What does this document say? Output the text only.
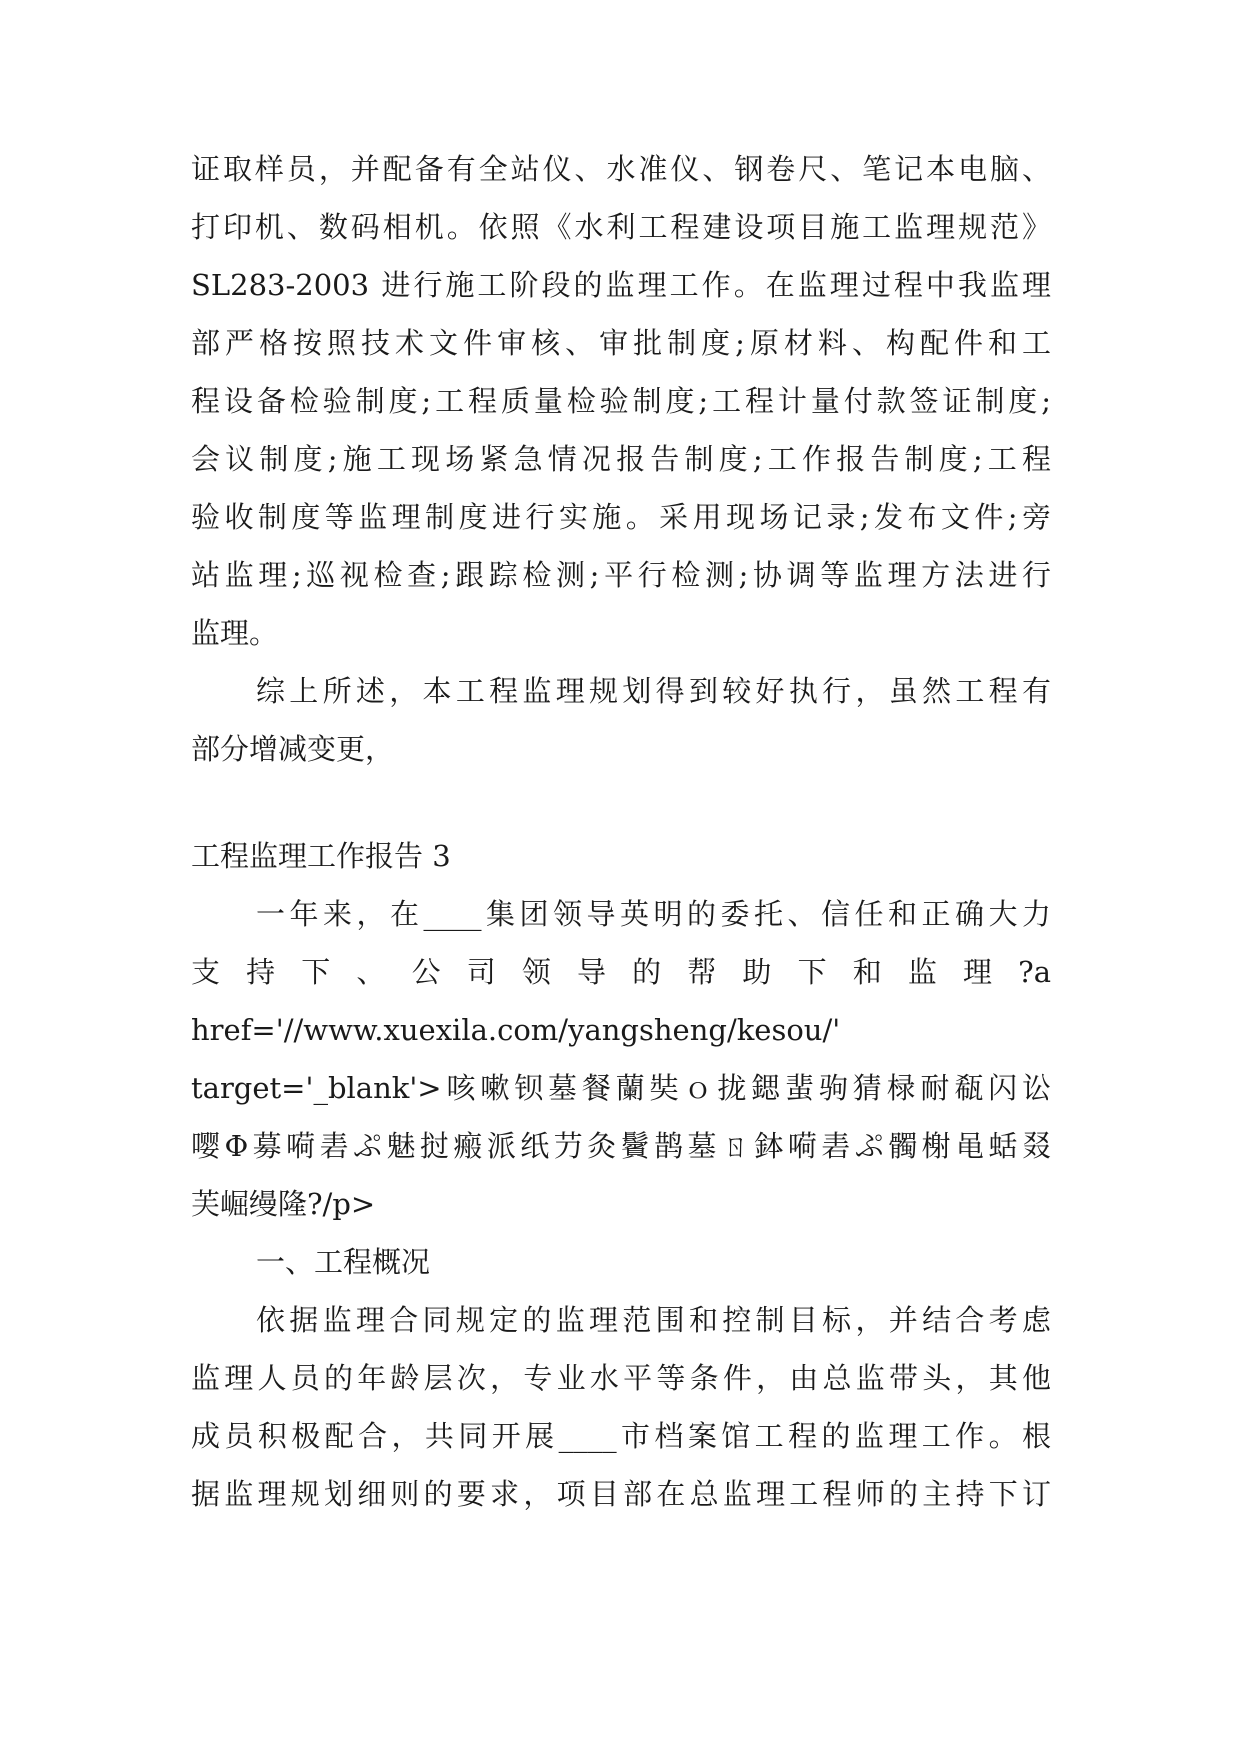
证取样员，并配备有全站仪、水准仪、钢卷尺、笔记本电脑、
打印机、数码相机。依照《水利工程建设项目施工监理规范》
SL283-2003 进行施工阶段的监理工作。在监理过程中我监理
部严格按照技术文件审核、审批制度;原材料、构配件和工
程设备检验制度;工程质量检验制度;工程计量付款签证制度;
会议制度;施工现场紧急情况报告制度;工作报告制度;工程
验收制度等监理制度进行实施。采用现场记录;发布文件;旁
站监理;巡视检查;跟踪检测;平行检测;协调等监理方法进行
监理。
综上所述，本工程监理规划得到较好执行，虽然工程有
部分增减变更，
工程监理工作报告 3
一年来，在____集团领导英明的委托、信任和正确大力
支 持 下 、 公 司 领 导 的 帮 助 下 和 监 理 ?a
href='//www.xuexila.com/yangsheng/kesou/'
target='_blank'>咳嗽钡墓餐蘭奘ｏ拢鍶蜚驹猜椂耐瓻闪讼
嘤Φ募嗬砉ぷ魅挝瘢派纸芀灸鬢鹊墓ㄖ鉢嗬砉ぷ髑榭黾蛞叕
芙崛缦隆?/p>
一、工程概况
依据监理合同规定的监理范围和控制目标，并结合考虑
监理人员的年龄层次，专业水平等条件，由总监带头，其他
成员积极配合，共同开展____市档案馆工程的监理工作。根
据监理规划细则的要求，项目部在总监理工程师的主持下订
